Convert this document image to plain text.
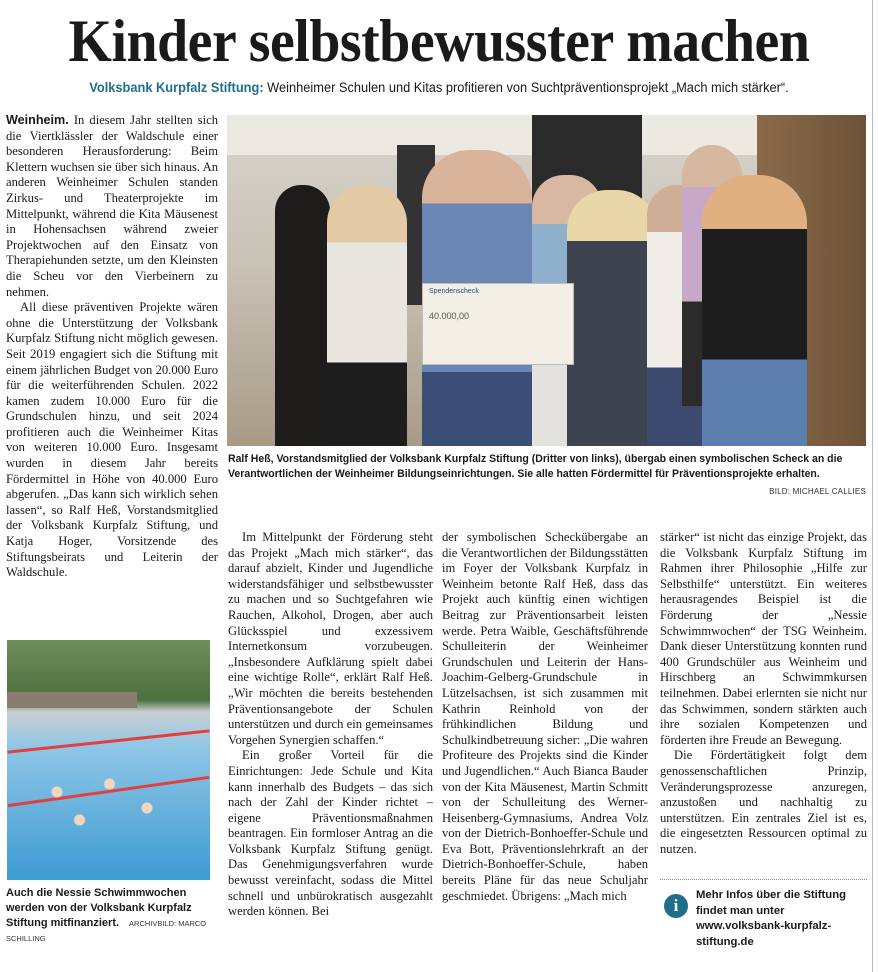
Kinder selbstbewusster machen
Volksbank Kurpfalz Stiftung: Weinheimer Schulen und Kitas profitieren von Suchtpräventionsprojekt „Mach mich stärker“.

Weinheim. In diesem Jahr stellten sich die Viertklässler der Waldschule einer besonderen Herausforderung: Beim Klettern wuchsen sie über sich hinaus. An anderen Weinheimer Schulen standen Zirkus- und Theaterprojekte im Mittelpunkt, während die Kita Mäusenest in Hohensachsen während zweier Projektwochen auf den Einsatz von Therapiehunden setzte, um den Kleinsten die Scheu vor den Vierbeinern zu nehmen.

All diese präventiven Projekte wären ohne die Unterstützung der Volksbank Kurpfalz Stiftung nicht möglich gewesen. Seit 2019 engagiert sich die Stiftung mit einem jährlichen Budget von 20.000 Euro für die weiterführenden Schulen. 2022 kamen zudem 10.000 Euro für die Grundschulen hinzu, und seit 2024 profitieren auch die Weinheimer Kitas von weiteren 10.000 Euro. Insgesamt wurden in diesem Jahr bereits Fördermittel in Höhe von 40.000 Euro abgerufen. „Das kann sich wirklich sehen lassen“, so Ralf Heß, Vorstandsmitglied der Volksbank Kurpfalz Stiftung, und Katja Hoger, Vorsitzende des Stiftungsbeirats und Leiterin der Waldschule.

Spendenscheck
40.000,00
Ralf Heß, Vorstandsmitglied der Volksbank Kurpfalz Stiftung (Dritter von links), übergab einen symbolischen Scheck an die Verantwortlichen der Weinheimer Bildungseinrichtungen. Sie alle hatten Fördermittel für Präventionsprojekte erhalten.
BILD: MICHAEL CALLIES

Im Mittelpunkt der Förderung steht das Projekt „Mach mich stärker“, das darauf abzielt, Kinder und Jugendliche widerstandsfähiger und selbstbewusster zu machen und so Suchtgefahren wie Rauchen, Alkohol, Drogen, aber auch Glücksspiel und exzessivem Internetkonsum vorzubeugen. „Insbesondere Aufklärung spielt dabei eine wichtige Rolle“, erklärt Ralf Heß. „Wir möchten die bereits bestehenden Präventionsangebote der Schulen unterstützen und durch ein gemeinsames Vorgehen Synergien schaffen.“

Ein großer Vorteil für die Einrichtungen: Jede Schule und Kita kann innerhalb des Budgets – das sich nach der Zahl der Kinder richtet – eigene Präventionsmaßnahmen beantragen. Ein formloser Antrag an die Volksbank Kurpfalz Stiftung genügt. Das Genehmigungsverfahren wurde bewusst vereinfacht, sodass die Mittel schnell und unbürokratisch ausgezahlt werden können. Bei

der symbolischen Scheckübergabe an die Verantwortlichen der Bildungsstätten im Foyer der Volksbank Kurpfalz in Weinheim betonte Ralf Heß, dass das Projekt auch künftig einen wichtigen Beitrag zur Präventionsarbeit leisten werde. Petra Waible, Geschäftsführende Schulleiterin der Weinheimer Grundschulen und Leiterin der Hans-Joachim-Gelberg-Grundschule in Lützelsachsen, ist sich zusammen mit Kathrin Reinhold von der frühkindlichen Bildung und Schulkindbetreuung sicher: „Die wahren Profiteure des Projekts sind die Kinder und Jugendlichen.“ Auch Bianca Bauder von der Kita Mäusenest, Martin Schmitt von der Schulleitung des Werner-Heisenberg-Gymnasiums, Andrea Volz von der Dietrich-Bonhoeffer-Schule und Eva Bott, Präventionslehrkraft an der Dietrich-Bonhoeffer-Schule, haben bereits Pläne für das neue Schuljahr geschmiedet. Übrigens: „Mach mich

stärker“ ist nicht das einzige Projekt, das die Volksbank Kurpfalz Stiftung im Rahmen ihrer Philosophie „Hilfe zur Selbsthilfe“ unterstützt. Ein weiteres herausragendes Beispiel ist die Förderung der „Nessie Schwimmwochen“ der TSG Weinheim. Dank dieser Unterstützung konnten rund 400 Grundschüler aus Weinheim und Hirschberg an Schwimmkursen teilnehmen. Dabei erlernten sie nicht nur das Schwimmen, sondern stärkten auch ihre sozialen Kompetenzen und förderten ihre Freude an Bewegung.

Die Fördertätigkeit folgt dem genossenschaftlichen Prinzip, Veränderungsprozesse anzuregen, anzustoßen und nachhaltig zu unterstützen. Ein zentrales Ziel ist es, die eingesetzten Ressourcen optimal zu nutzen.

Auch die Nessie Schwimmwochen werden von der Volksbank Kurpfalz Stiftung mitfinanziert. ARCHIVBILD: MARCO SCHILLING
i
Mehr Infos über die Stiftung findet man unter www.volksbank-kurpfalz-stiftung.de
